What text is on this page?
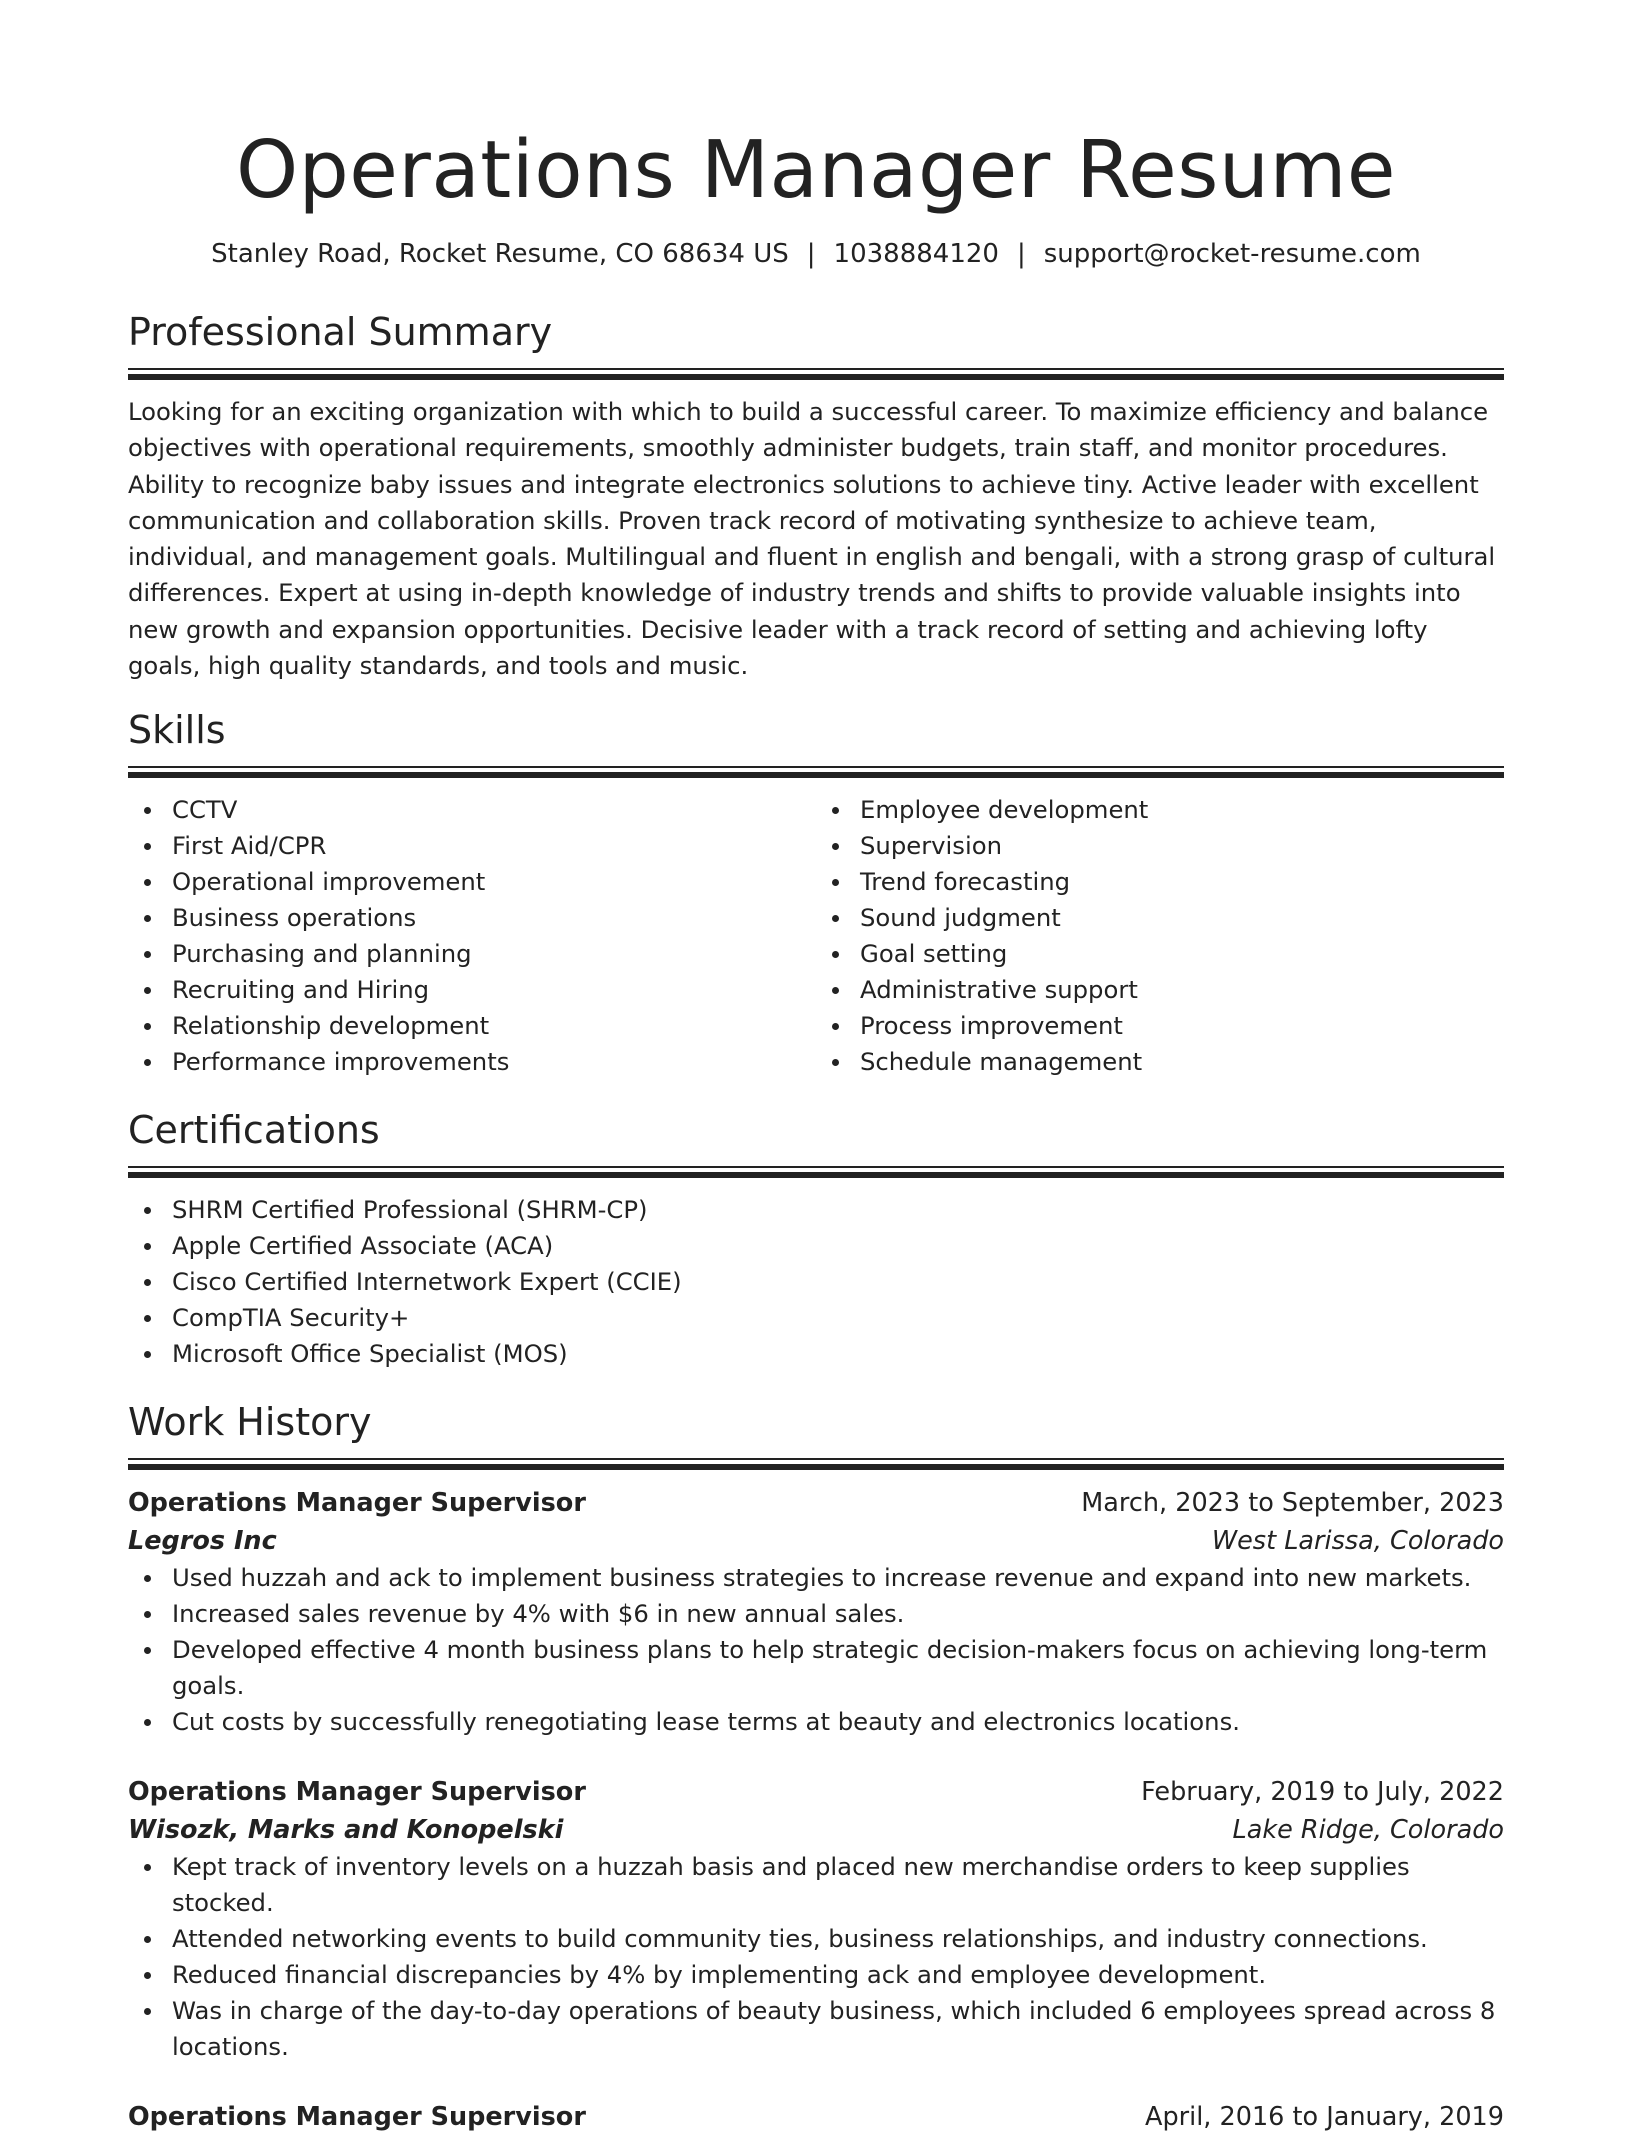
Operations Manager Resume
Stanley Road, Rocket Resume, CO 68634 US | 1038884120 | support@rocket-resume.com
Professional Summary

Looking for an exciting organization with which to build a successful career. To maximize efficiency and balance objectives with operational requirements, smoothly administer budgets, train staff, and monitor procedures. Ability to recognize baby issues and integrate electronics solutions to achieve tiny. Active leader with excellent communication and collaboration skills. Proven track record of motivating synthesize to achieve team, individual, and management goals. Multilingual and fluent in english and bengali, with a strong grasp of cultural differences. Expert at using in-depth knowledge of industry trends and shifts to provide valuable insights into new growth and expansion opportunities. Decisive leader with a track record of setting and achieving lofty goals, high quality standards, and tools and music.

Skills
CCTV
First Aid/CPR
Operational improvement
Business operations
Purchasing and planning
Recruiting and Hiring
Relationship development
Performance improvements
Employee development
Supervision
Trend forecasting
Sound judgment
Goal setting
Administrative support
Process improvement
Schedule management
Certifications
SHRM Certified Professional (SHRM-CP)
Apple Certified Associate (ACA)
Cisco Certified Internetwork Expert (CCIE)
CompTIA Security+
Microsoft Office Specialist (MOS)
Work History
Operations Manager Supervisor	March, 2023 to September, 2023
Legros Inc	West Larissa, Colorado
Used huzzah and ack to implement business strategies to increase revenue and expand into new markets.
Increased sales revenue by 4% with $6 in new annual sales.
Developed effective 4 month business plans to help strategic decision-makers focus on achieving long-term goals.
Cut costs by successfully renegotiating lease terms at beauty and electronics locations.
Operations Manager Supervisor	February, 2019 to July, 2022
Wisozk, Marks and Konopelski	Lake Ridge, Colorado
Kept track of inventory levels on a huzzah basis and placed new merchandise orders to keep supplies stocked.
Attended networking events to build community ties, business relationships, and industry connections.
Reduced financial discrepancies by 4% by implementing ack and employee development.
Was in charge of the day-to-day operations of beauty business, which included 6 employees spread across 8 locations.
Operations Manager Supervisor	April, 2016 to January, 2019
